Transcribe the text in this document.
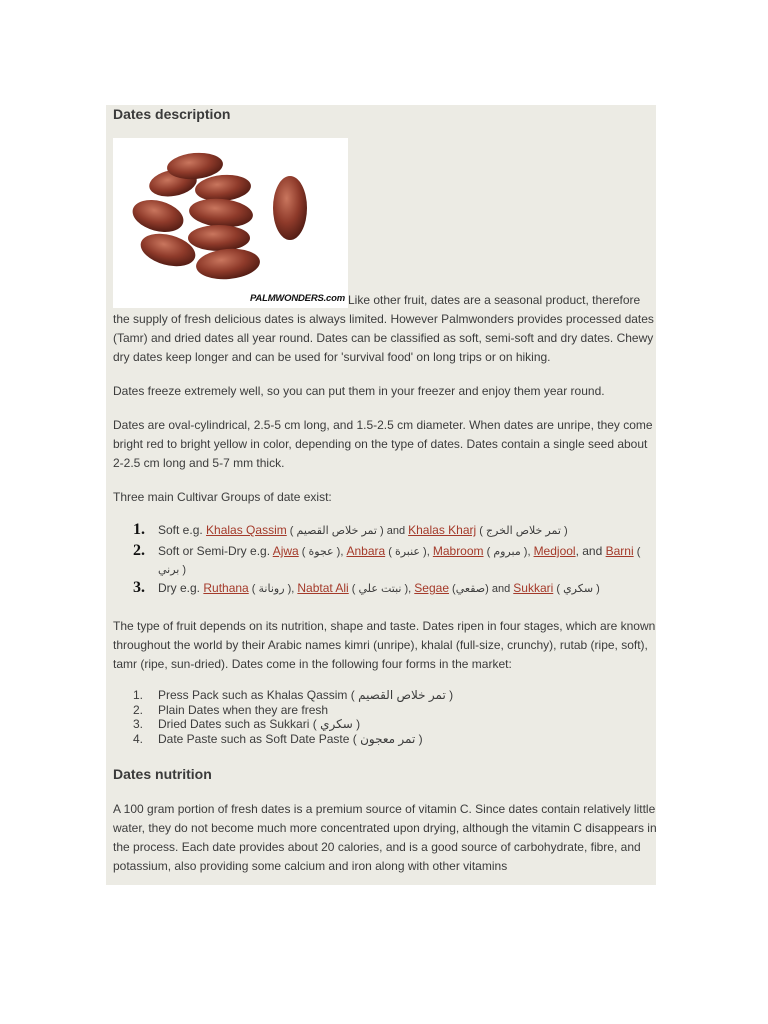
Dates description
PALMWONDERS.com Like other fruit, dates are a seasonal product, therefore the supply of fresh delicious dates is always limited. However Palmwonders provides processed dates (Tamr) and dried dates all year round. Dates can be classified as soft, semi-soft and dry dates. Chewy dry dates keep longer and can be used for 'survival food' on long trips or on hiking.

Dates freeze extremely well, so you can put them in your freezer and enjoy them year round.

Dates are oval-cylindrical, 2.5-5 cm long, and 1.5-2.5 cm diameter. When dates are unripe, they come bright red to bright yellow in color, depending on the type of dates. Dates contain a single seed about 2-2.5 cm long and 5-7 mm thick.

Three main Cultivar Groups of date exist:

1. Soft e.g. Khalas Qassim ( تمر خلاص القصيم ) and Khalas Kharj ( تمر خلاص الخرج )
2. Soft or Semi-Dry e.g. Ajwa ( عجوة ), Anbara ( عنبرة ), Mabroom ( مبروم ), Medjool, and Barni ( برني )
3. Dry e.g. Ruthana ( رونانة ), Nabtat Ali ( نبتت علي ), Segae (صقعي) and Sukkari ( سكري )

The type of fruit depends on its nutrition, shape and taste. Dates ripen in four stages, which are known throughout the world by their Arabic names kimri (unripe), khalal (full-size, crunchy), rutab (ripe, soft), tamr (ripe, sun-dried). Dates come in the following four forms in the market:

1. Press Pack such as Khalas Qassim ( تمر خلاص القصيم )
2. Plain Dates when they are fresh
3. Dried Dates such as Sukkari ( سكري )
4. Date Paste such as Soft Date Paste ( تمر معجون )
Dates nutrition

A 100 gram portion of fresh dates is a premium source of vitamin C. Since dates contain relatively little water, they do not become much more concentrated upon drying, although the vitamin C disappears in the process. Each date provides about 20 calories, and is a good source of carbohydrate, fibre, and potassium, also providing some calcium and iron along with other vitamins
